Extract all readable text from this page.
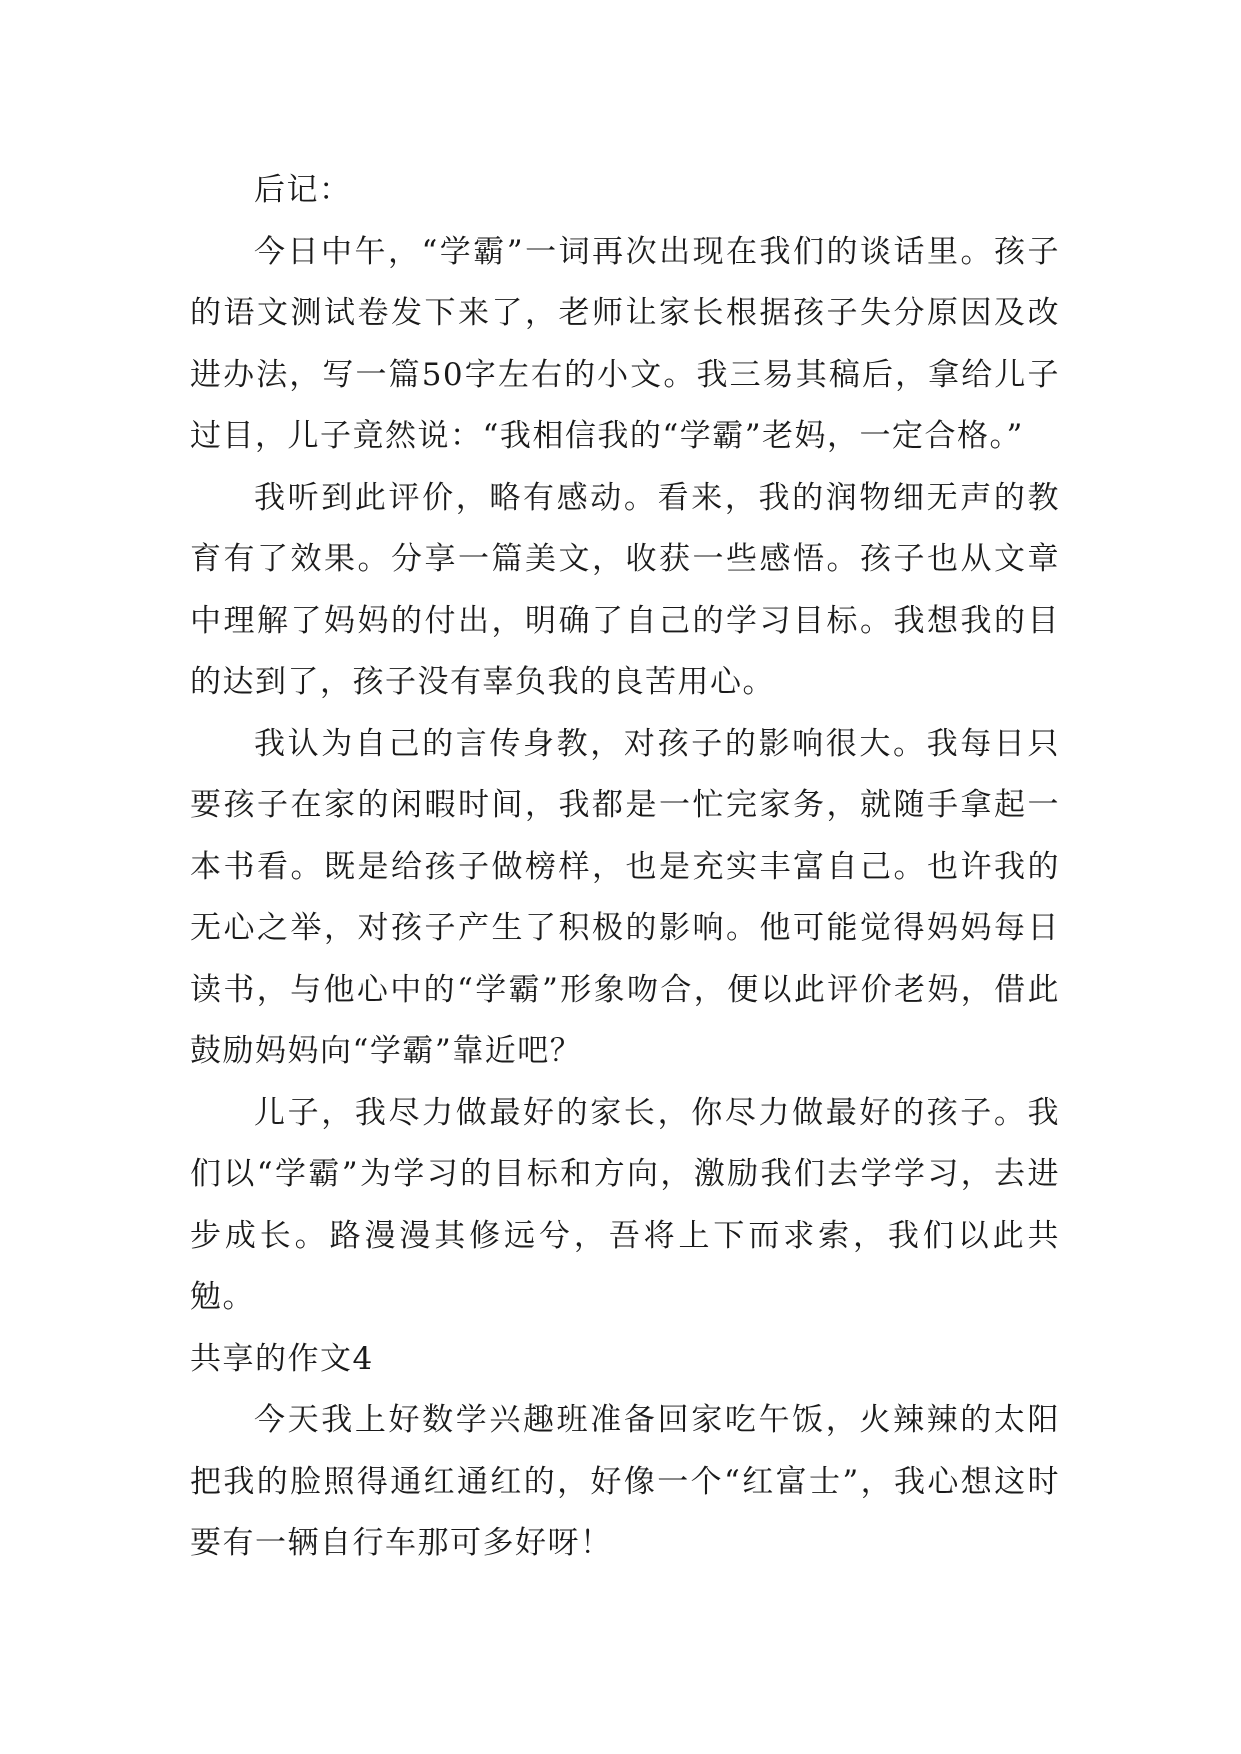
后记：

今日中午，“学霸”一词再次出现在我们的谈话里。孩子的语文测试卷发下来了，老师让家长根据孩子失分原因及改进办法，写一篇50字左右的小文。我三易其稿后，拿给儿子过目，儿子竟然说：“我相信我的“学霸”老妈，一定合格。”

我听到此评价，略有感动。看来，我的润物细无声的教育有了效果。分享一篇美文，收获一些感悟。孩子也从文章中理解了妈妈的付出，明确了自己的学习目标。我想我的目的达到了，孩子没有辜负我的良苦用心。

我认为自己的言传身教，对孩子的影响很大。我每日只要孩子在家的闲暇时间，我都是一忙完家务，就随手拿起一本书看。既是给孩子做榜样，也是充实丰富自己。也许我的无心之举，对孩子产生了积极的影响。他可能觉得妈妈每日读书，与他心中的“学霸”形象吻合，便以此评价老妈，借此鼓励妈妈向“学霸”靠近吧？

儿子，我尽力做最好的家长，你尽力做最好的孩子。我们以“学霸”为学习的目标和方向，激励我们去学学习，去进步成长。路漫漫其修远兮，吾将上下而求索，我们以此共勉。

共享的作文4

今天我上好数学兴趣班准备回家吃午饭，火辣辣的太阳把我的脸照得通红通红的，好像一个“红富士”，我心想这时要有一辆自行车那可多好呀！
